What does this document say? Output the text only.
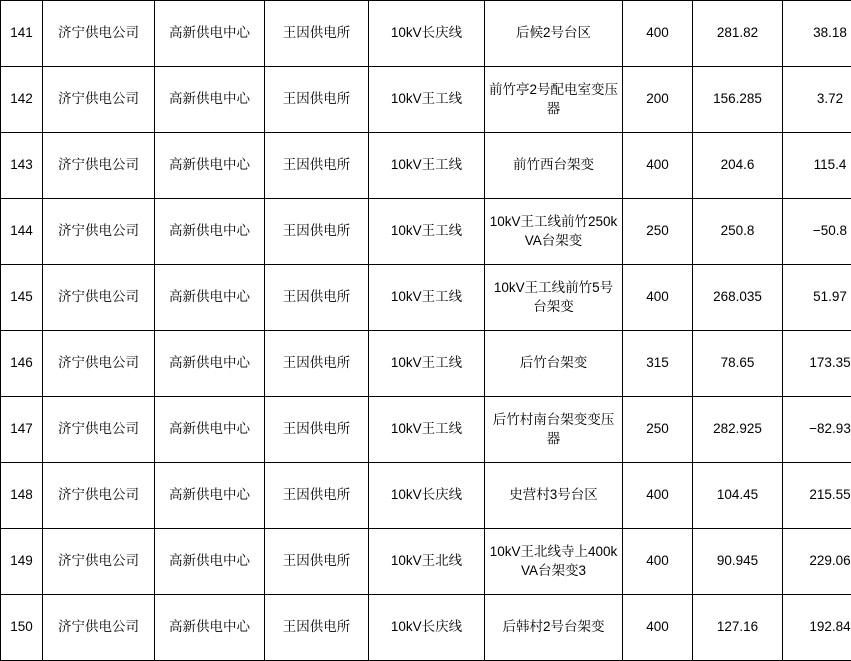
141	济宁供电公司	高新供电中心	王因供电所	10kV长庆线	后候2号台区	400	281.82	38.18
142	济宁供电公司	高新供电中心	王因供电所	10kV王工线	前竹亭2号配电室变压器	200	156.285	3.72
143	济宁供电公司	高新供电中心	王因供电所	10kV王工线	前竹西台架变	400	204.6	115.4
144	济宁供电公司	高新供电中心	王因供电所	10kV王工线	10kV王工线前竹250kVA台架变	250	250.8	−50.8
145	济宁供电公司	高新供电中心	王因供电所	10kV王工线	10kV王工线前竹5号台架变	400	268.035	51.97
146	济宁供电公司	高新供电中心	王因供电所	10kV王工线	后竹台架变	315	78.65	173.35
147	济宁供电公司	高新供电中心	王因供电所	10kV王工线	后竹村南台架变变压器	250	282.925	−82.93
148	济宁供电公司	高新供电中心	王因供电所	10kV长庆线	史营村3号台区	400	104.45	215.55
149	济宁供电公司	高新供电中心	王因供电所	10kV王北线	10kV王北线寺上400kVA台架变3	400	90.945	229.06
150	济宁供电公司	高新供电中心	王因供电所	10kV长庆线	后韩村2号台架变	400	127.16	192.84
